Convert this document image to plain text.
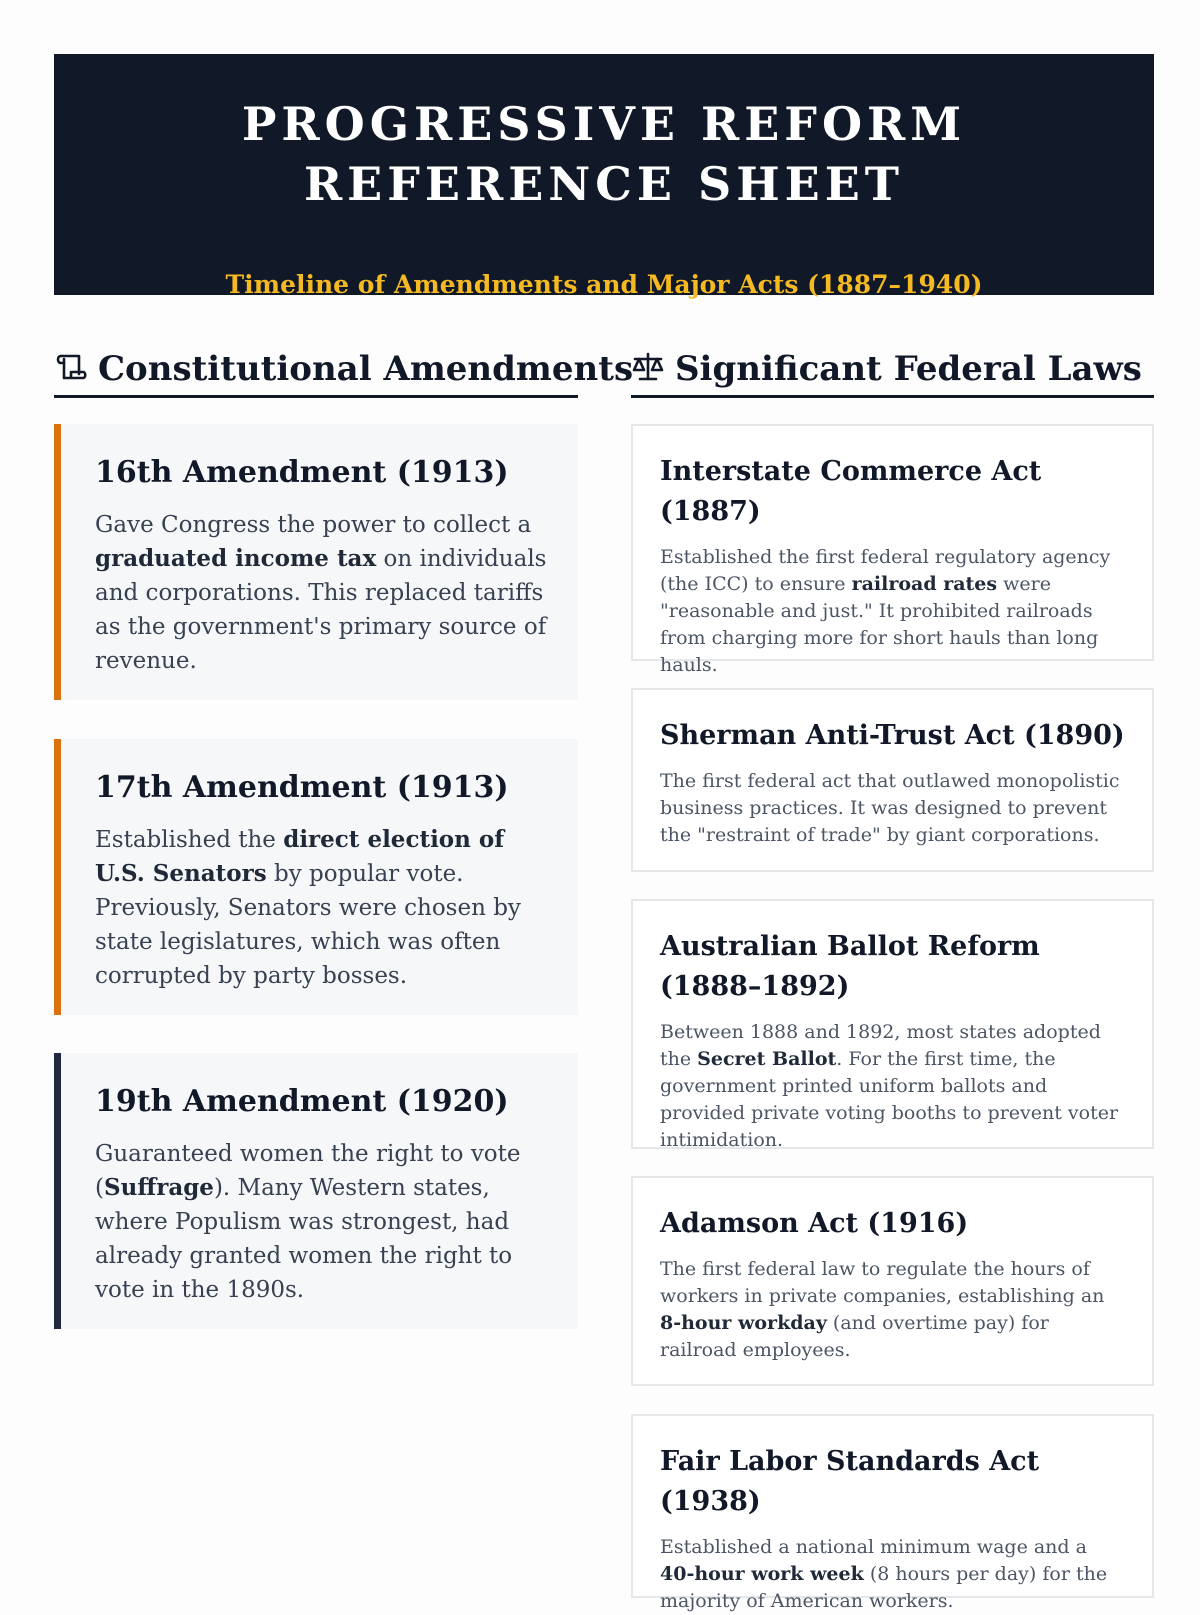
PROGRESSIVE REFORM
REFERENCE SHEET

Timeline of Amendments and Major Acts (1887–1940)

Constitutional Amendments	Significant Federal Laws
16th Amendment (1913)

Gave Congress the power to collect a graduated income tax on individuals and corporations. This replaced tariffs as the government's primary source of revenue.

17th Amendment (1913)

Established the direct election of U.S. Senators by popular vote. Previously, Senators were chosen by state legislatures, which was often corrupted by party bosses.

19th Amendment (1920)

Guaranteed women the right to vote (Suffrage). Many Western states, where Populism was strongest, had already granted women the right to vote in the 1890s.

Interstate Commerce Act (1887)

Established the first federal regulatory agency (the ICC) to ensure railroad rates were "reasonable and just." It prohibited railroads from charging more for short hauls than long hauls.

Sherman Anti-Trust Act (1890)

The first federal act that outlawed monopolistic business practices. It was designed to prevent the "restraint of trade" by giant corporations.

Australian Ballot Reform (1888–1892)

Between 1888 and 1892, most states adopted the Secret Ballot. For the first time, the government printed uniform ballots and provided private voting booths to prevent voter intimidation.

Adamson Act (1916)

The first federal law to regulate the hours of workers in private companies, establishing an 8-hour workday (and overtime pay) for railroad employees.

Fair Labor Standards Act (1938)

Established a national minimum wage and a 40-hour work week (8 hours per day) for the majority of American workers.
